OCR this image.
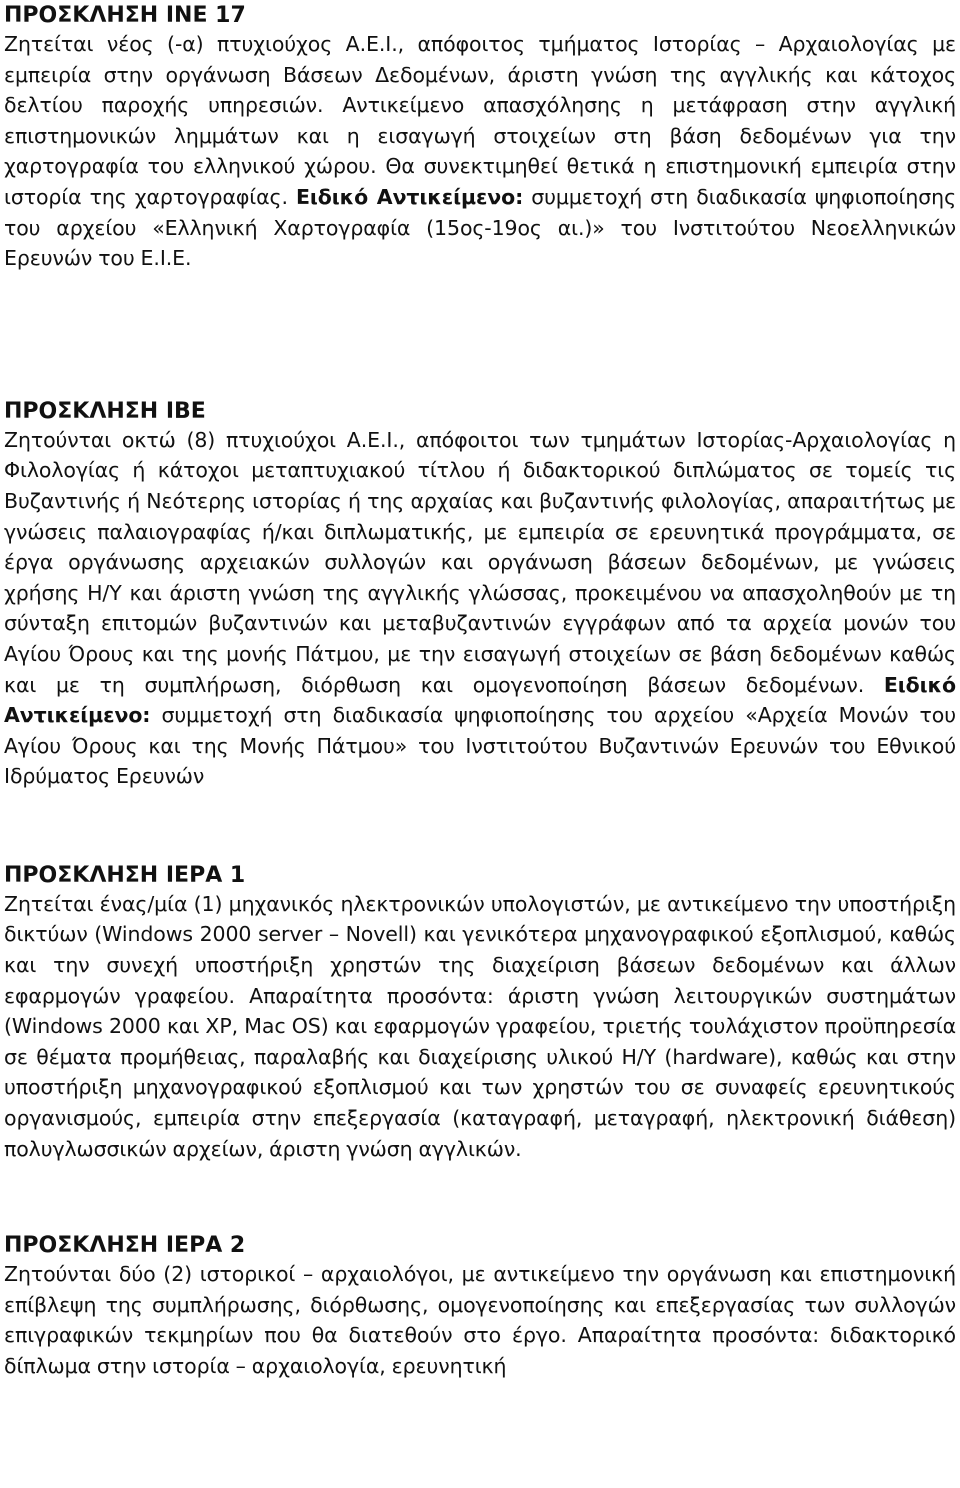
ΠΡΟΣΚΛΗΣΗ ΙΝΕ 17

Ζητείται νέος (-α) πτυχιούχος Α.Ε.Ι., απόφοιτος τμήματος Ιστορίας – Αρχαιολογίας με εμπειρία στην οργάνωση Βάσεων Δεδομένων, άριστη γνώση της αγγλικής και κάτοχος δελτίου παροχής υπηρεσιών. Αντικείμενο απασχόλησης η μετάφραση στην αγγλική επιστημονικών λημμάτων και η εισαγωγή στοιχείων στη βάση δεδομένων για την χαρτογραφία του ελληνικού χώρου. Θα συνεκτιμηθεί θετικά η επιστημονική εμπειρία στην ιστορία της χαρτογραφίας. Ειδικό Αντικείμενο: συμμετοχή στη διαδικασία ψηφιοποίησης του αρχείου «Ελληνική Χαρτογραφία (15ος-19ος αι.)» του Ινστιτούτου Νεοελληνικών Ερευνών του Ε.Ι.Ε.

ΠΡΟΣΚΛΗΣΗ ΙΒΕ

Ζητούνται οκτώ (8) πτυχιούχοι Α.Ε.Ι., απόφοιτοι των τμημάτων Ιστορίας-Αρχαιολογίας η Φιλολογίας ή κάτοχοι μεταπτυχιακού τίτλου ή διδακτορικού διπλώματος σε τομείς τις Βυζαντινής ή Νεότερης ιστορίας ή της αρχαίας και βυζαντινής φιλολογίας, απαραιτήτως με γνώσεις παλαιογραφίας ή/και διπλωματικής, με εμπειρία σε ερευνητικά προγράμματα, σε έργα οργάνωσης αρχειακών συλλογών και οργάνωση βάσεων δεδομένων, με γνώσεις χρήσης Η/Υ και άριστη γνώση της αγγλικής γλώσσας, προκειμένου να απασχοληθούν με τη σύνταξη επιτομών βυζαντινών και μεταβυζαντινών εγγράφων από τα αρχεία μονών του Αγίου Όρους και της μονής Πάτμου, με την εισαγωγή στοιχείων σε βάση δεδομένων καθώς και με τη συμπλήρωση, διόρθωση και ομογενοποίηση βάσεων δεδομένων. Ειδικό Αντικείμενο: συμμετοχή στη διαδικασία ψηφιοποίησης του αρχείου «Αρχεία Μονών του Αγίου Όρους και της Μονής Πάτμου» του Ινστιτούτου Βυζαντινών Ερευνών του Εθνικού Ιδρύματος Ερευνών

ΠΡΟΣΚΛΗΣΗ ΙΕΡΑ 1

Ζητείται ένας/μία (1) μηχανικός ηλεκτρονικών υπολογιστών, με αντικείμενο την υποστήριξη δικτύων (Windows 2000 server – Novell) και γενικότερα μηχανογραφικού εξοπλισμού, καθώς και την συνεχή υποστήριξη χρηστών της διαχείριση βάσεων δεδομένων και άλλων εφαρμογών γραφείου. Απαραίτητα προσόντα: άριστη γνώση λειτουργικών συστημάτων (Windows 2000 και XP, Mac OS) και εφαρμογών γραφείου, τριετής τουλάχιστον προϋπηρεσία σε θέματα προμήθειας, παραλαβής και διαχείρισης υλικού Η/Υ (hardware), καθώς και στην υποστήριξη μηχανογραφικού εξοπλισμού και των χρηστών του σε συναφείς ερευνητικούς οργανισμούς, εμπειρία στην επεξεργασία (καταγραφή, μεταγραφή, ηλεκτρονική διάθεση) πολυγλωσσικών αρχείων, άριστη γνώση αγγλικών.

ΠΡΟΣΚΛΗΣΗ ΙΕΡΑ 2

Ζητούνται δύο (2) ιστορικοί – αρχαιολόγοι, με αντικείμενο την οργάνωση και επιστημονική επίβλεψη της συμπλήρωσης, διόρθωσης, ομογενοποίησης και επεξεργασίας των συλλογών επιγραφικών τεκμηρίων που θα διατεθούν στο έργο. Απαραίτητα προσόντα: διδακτορικό δίπλωμα στην ιστορία – αρχαιολογία, ερευνητική
